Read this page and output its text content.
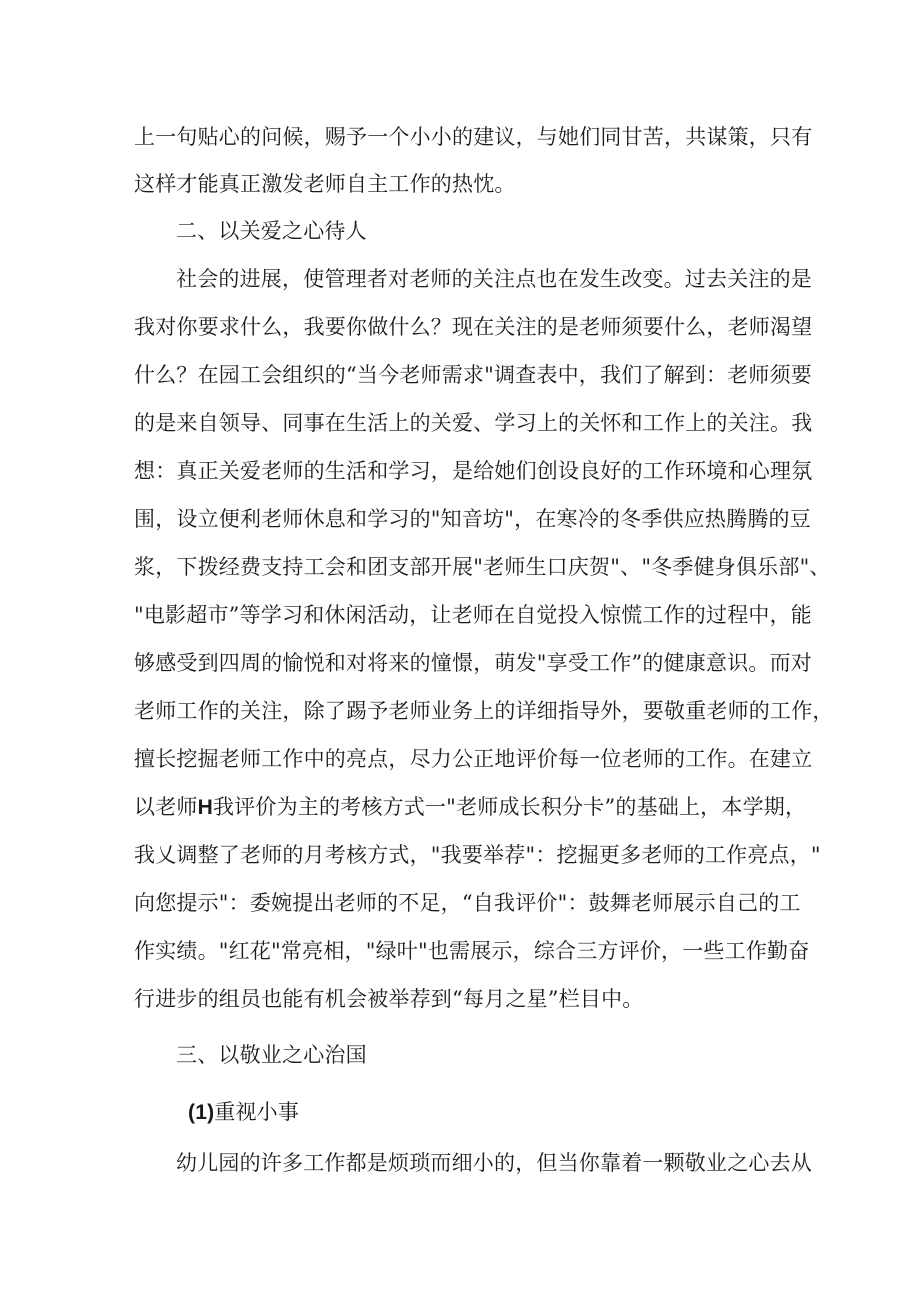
上一句贴心的问候，赐予一个小小的建议，与她们同甘苦，共谋策，只有
这样才能真正激发老师自主工作的热忱。
二、以关爱之心待人
社会的进展，使管理者对老师的关注点也在发生改变。过去关注的是
我对你要求什么，我要你做什么？现在关注的是老师须要什么，老师渴望
什么？在园工会组织的“当今老师需求"调查表中，我们了解到：老师须要
的是来自领导、同事在生活上的关爱、学习上的关怀和工作上的关注。我
想：真正关爱老师的生活和学习，是给她们创设良好的工作环境和心理氛
围，设立便利老师休息和学习的"知音坊"，在寒冷的冬季供应热腾腾的豆
浆，下拨经费支持工会和团支部开展"老师生口庆贺"、"冬季健身俱乐部"、
"电影超市”等学习和休闲活动，让老师在自觉投入惊慌工作的过程中，能
够感受到四周的愉悦和对将来的憧憬，萌发"享受工作”的健康意识。而对
老师工作的关注，除了踢予老师业务上的详细指导外，要敬重老师的工作，
擅长挖掘老师工作中的亮点，尽力公正地评价每一位老师的工作。在建立
以老师H我评价为主的考核方式一"老师成长积分卡”的基础上，本学期，
我乂调整了老师的月考核方式，"我要举荐"：挖掘更多老师的工作亮点，"
向您提示"：委婉提出老师的不足，“自我评价"：鼓舞老师展示自己的工
作实绩。"红花"常亮相，"绿叶"也需展示，综合三方评价，一些工作勤奋
行进步的组员也能有机会被举荐到“每月之星”栏目中。
三、以敬业之心治国
(1)重视小事
幼儿园的许多工作都是烦琐而细小的，但当你靠着一颗敬业之心去从
